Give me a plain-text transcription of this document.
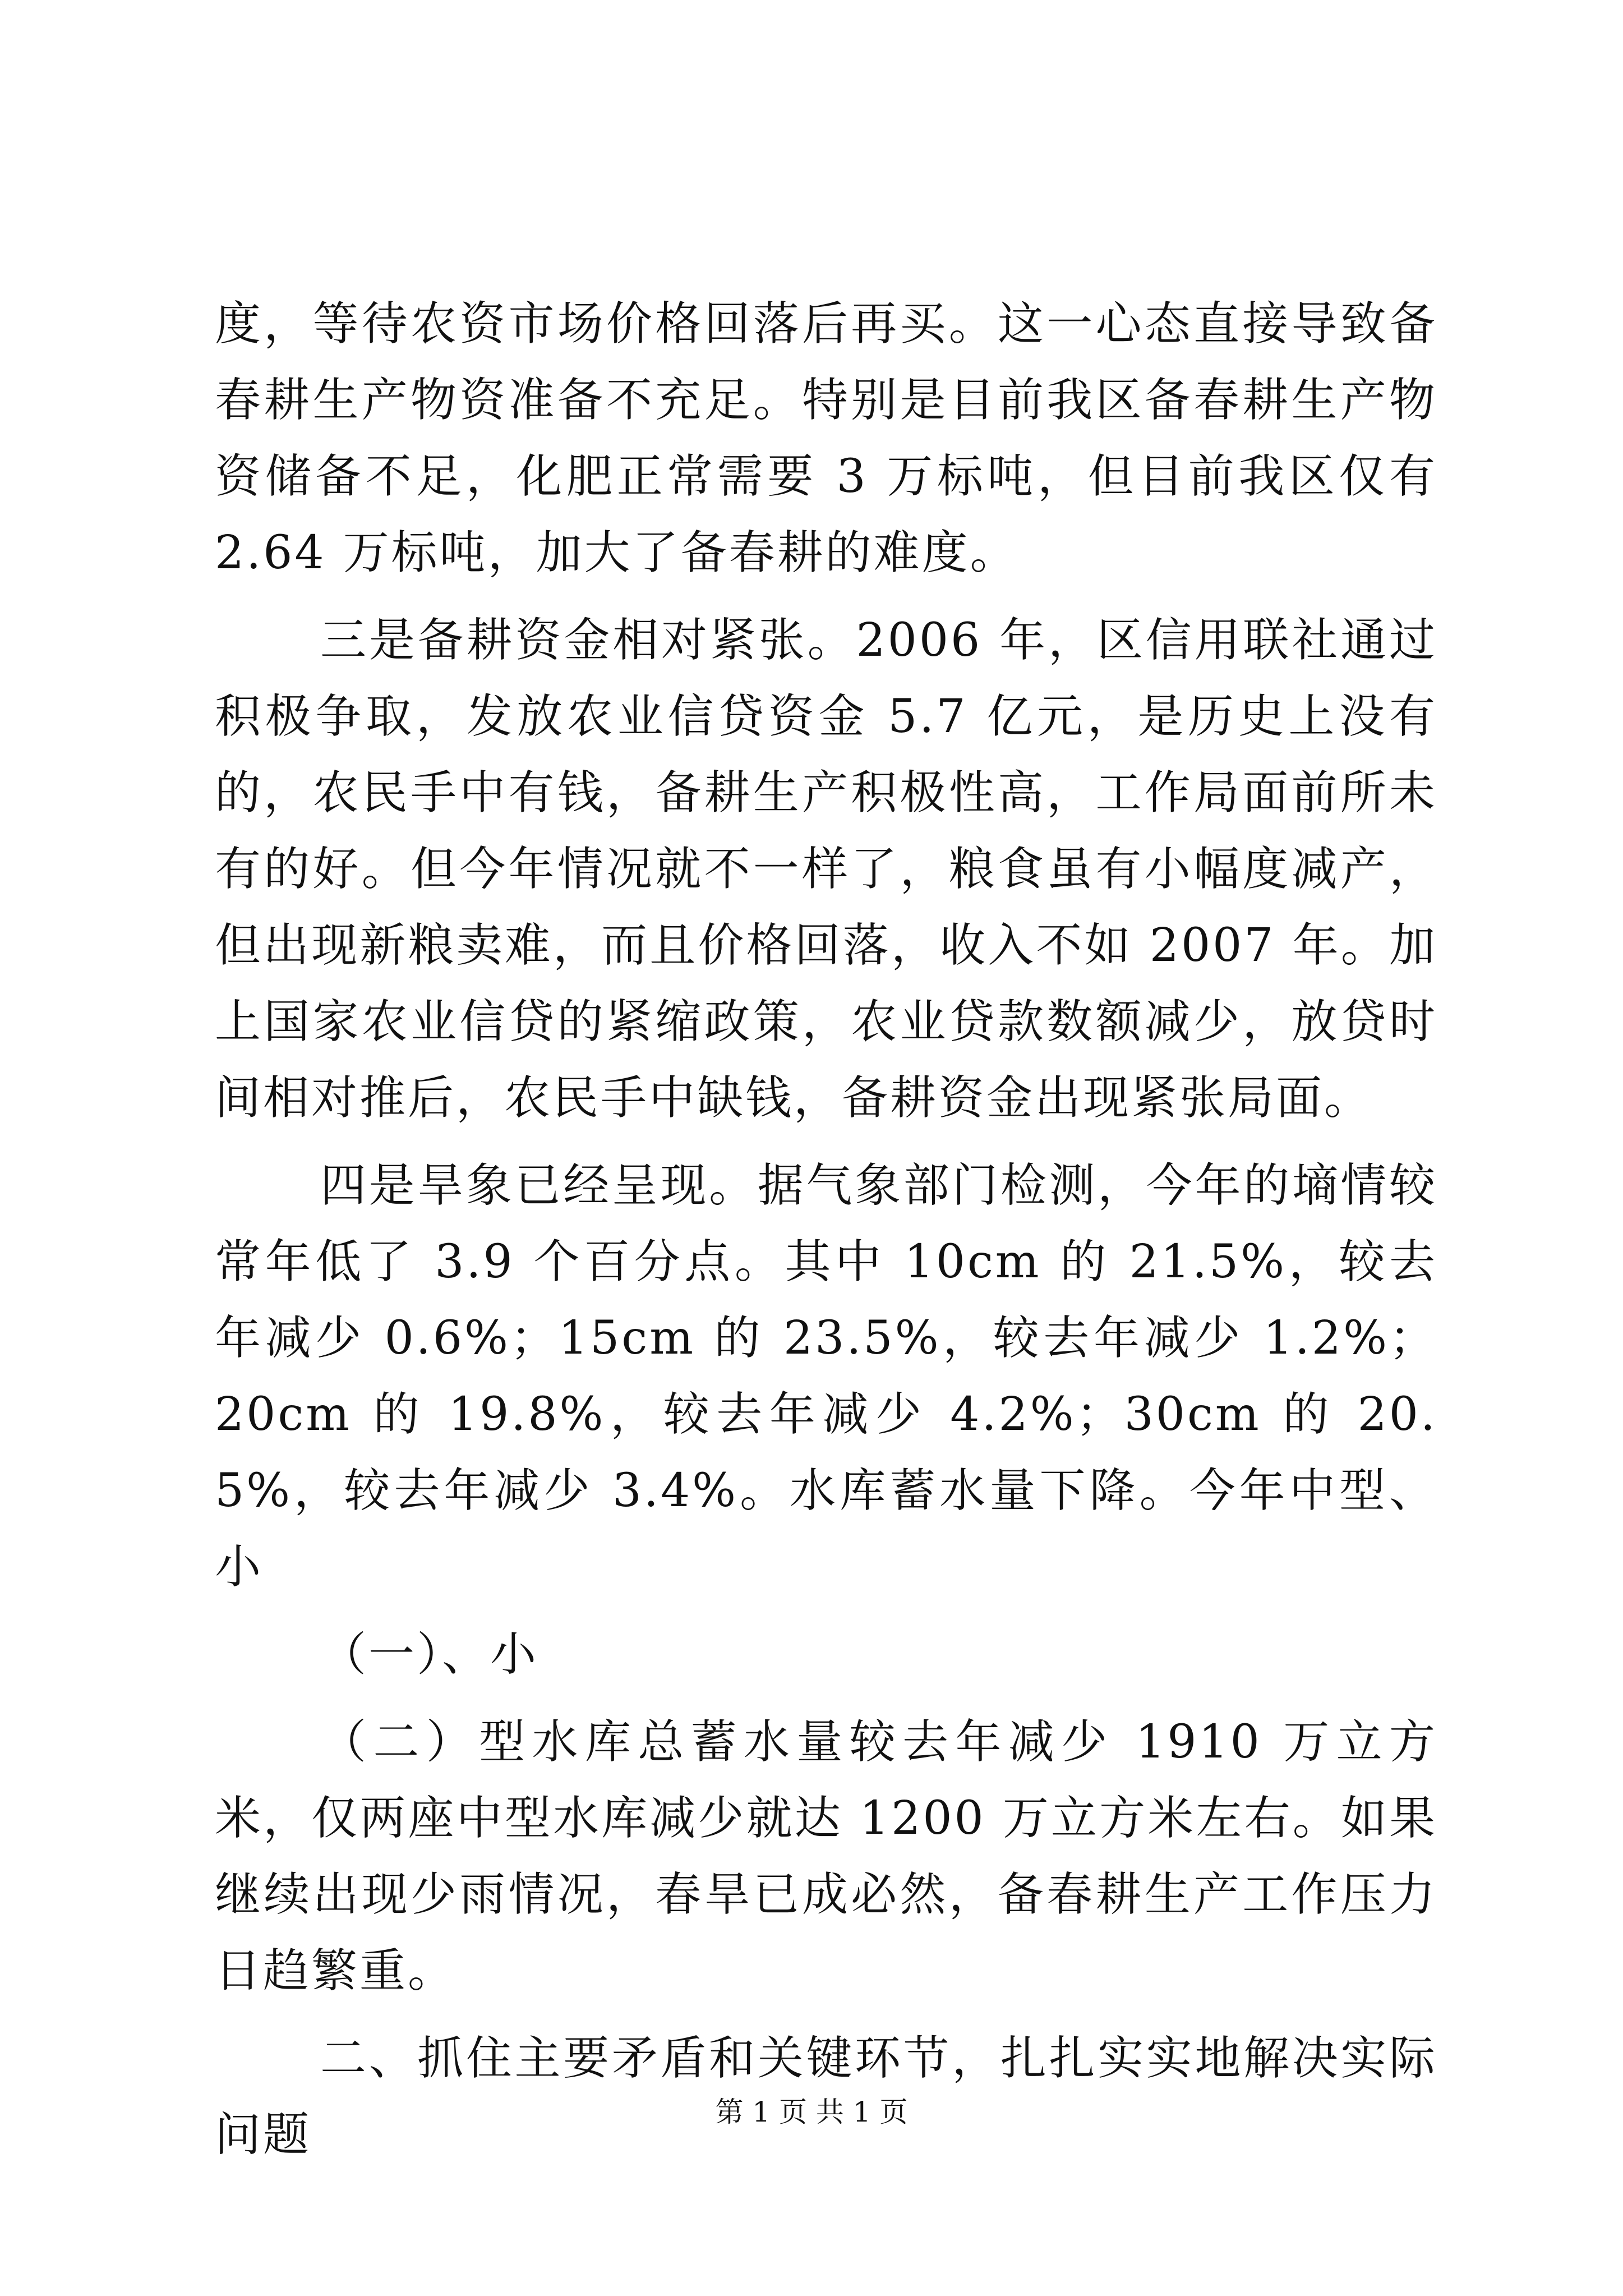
度，等待农资市场价格回落后再买。这一心态直接导致备春耕生产物资准备不充足。特别是目前我区备春耕生产物资储备不足，化肥正常需要 3 万标吨，但目前我区仅有 2.64 万标吨，加大了备春耕的难度。

三是备耕资金相对紧张。2006 年，区信用联社通过积极争取，发放农业信贷资金 5.7 亿元，是历史上没有的，农民手中有钱，备耕生产积极性高，工作局面前所未有的好。但今年情况就不一样了，粮食虽有小幅度减产，但出现新粮卖难，而且价格回落，收入不如 2007 年。加上国家农业信贷的紧缩政策，农业贷款数额减少，放贷时间相对推后，农民手中缺钱，备耕资金出现紧张局面。

四是旱象已经呈现。据气象部门检测，今年的墒情较常年低了 3.9 个百分点。其中 10cm 的 21.5%，较去年减少 0.6%；15cm 的 23.5%，较去年减少 1.2%；20cm 的 19.8%，较去年减少 4.2%；30cm 的 20.5%，较去年减少 3.4%。水库蓄水量下降。今年中型、小

（一）、小

（二）型水库总蓄水量较去年减少 1910 万立方米，仅两座中型水库减少就达 1200 万立方米左右。如果继续出现少雨情况，春旱已成必然，备春耕生产工作压力日趋繁重。

二、抓住主要矛盾和关键环节，扎扎实实地解决实际问题	第 1 页 共 1 页
